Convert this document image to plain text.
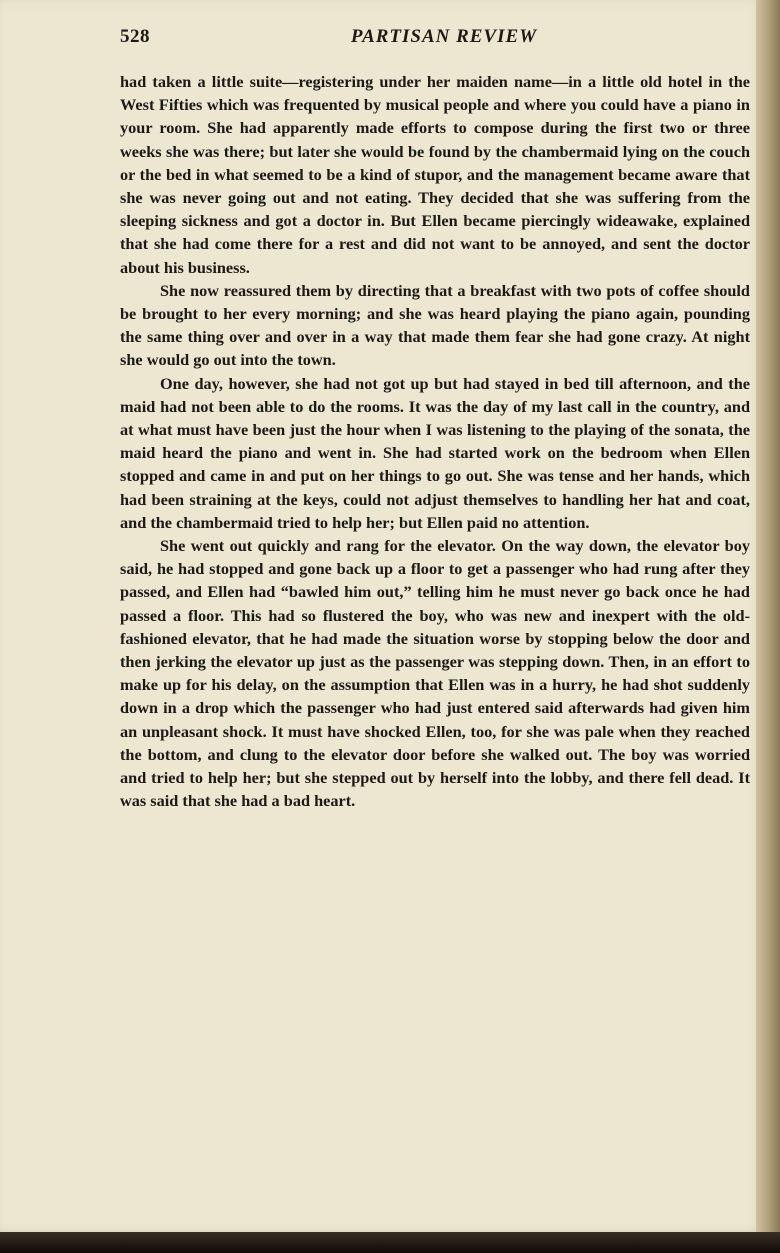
528	PARTISAN REVIEW

had taken a little suite—registering under her maiden name—in a little old hotel in the West Fifties which was frequented by musical people and where you could have a piano in your room. She had apparently made efforts to compose during the first two or three weeks she was there; but later she would be found by the chambermaid lying on the couch or the bed in what seemed to be a kind of stupor, and the management became aware that she was never going out and not eating. They decided that she was suffering from the sleeping sickness and got a doctor in. But Ellen became piercingly wideawake, explained that she had come there for a rest and did not want to be annoyed, and sent the doctor about his business.

She now reassured them by directing that a breakfast with two pots of coffee should be brought to her every morning; and she was heard playing the piano again, pounding the same thing over and over in a way that made them fear she had gone crazy. At night she would go out into the town.

One day, however, she had not got up but had stayed in bed till afternoon, and the maid had not been able to do the rooms. It was the day of my last call in the country, and at what must have been just the hour when I was listening to the playing of the sonata, the maid heard the piano and went in. She had started work on the bedroom when Ellen stopped and came in and put on her things to go out. She was tense and her hands, which had been straining at the keys, could not adjust themselves to handling her hat and coat, and the chambermaid tried to help her; but Ellen paid no attention.

She went out quickly and rang for the elevator. On the way down, the elevator boy said, he had stopped and gone back up a floor to get a passenger who had rung after they passed, and Ellen had “bawled him out,” telling him he must never go back once he had passed a floor. This had so flustered the boy, who was new and inexpert with the old-fashioned elevator, that he had made the situation worse by stopping below the door and then jerking the elevator up just as the passenger was stepping down. Then, in an effort to make up for his delay, on the assumption that Ellen was in a hurry, he had shot suddenly down in a drop which the passenger who had just entered said afterwards had given him an unpleasant shock. It must have shocked Ellen, too, for she was pale when they reached the bottom, and clung to the elevator door before she walked out. The boy was worried and tried to help her; but she stepped out by herself into the lobby, and there fell dead. It was said that she had a bad heart.
